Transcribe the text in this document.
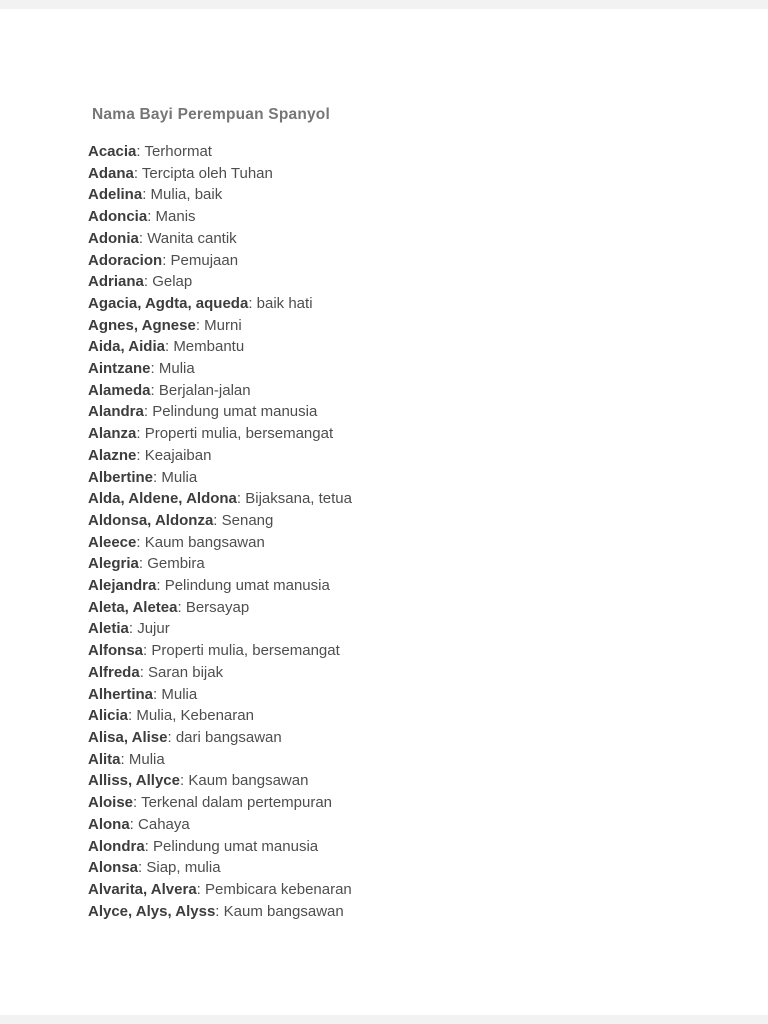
Nama Bayi Perempuan Spanyol

Acacia: Terhormat

Adana: Tercipta oleh Tuhan

Adelina: Mulia, baik

Adoncia: Manis

Adonia: Wanita cantik

Adoracion: Pemujaan

Adriana: Gelap

Agacia, Agdta, aqueda: baik hati

Agnes, Agnese: Murni

Aida, Aidia: Membantu

Aintzane: Mulia

Alameda: Berjalan-jalan

Alandra: Pelindung umat manusia

Alanza: Properti mulia, bersemangat

Alazne: Keajaiban

Albertine: Mulia

Alda, Aldene, Aldona: Bijaksana, tetua

Aldonsa, Aldonza: Senang

Aleece: Kaum bangsawan

Alegria: Gembira

Alejandra: Pelindung umat manusia

Aleta, Aletea: Bersayap

Aletia: Jujur

Alfonsa: Properti mulia, bersemangat

Alfreda: Saran bijak

Alhertina: Mulia

Alicia: Mulia, Kebenaran

Alisa, Alise: dari bangsawan

Alita: Mulia

Alliss, Allyce: Kaum bangsawan

Aloise: Terkenal dalam pertempuran

Alona: Cahaya

Alondra: Pelindung umat manusia

Alonsa: Siap, mulia

Alvarita, Alvera: Pembicara kebenaran

Alyce, Alys, Alyss: Kaum bangsawan
